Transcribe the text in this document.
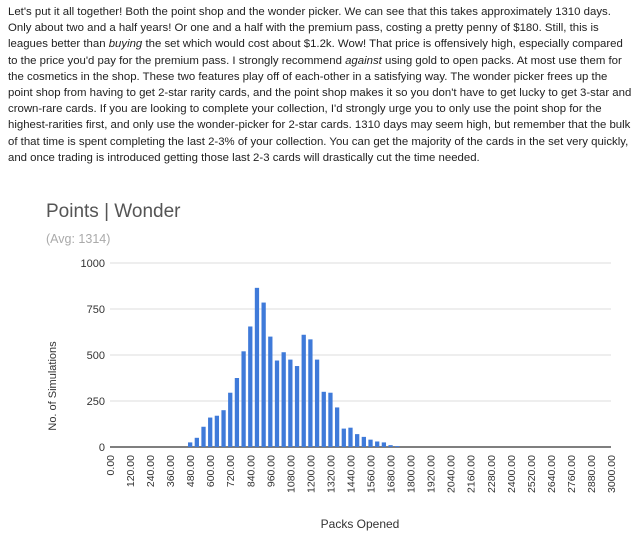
Let's put it all together! Both the point shop and the wonder picker. We can see that this takes approximately 1310 days. Only about two and a half years! Or one and a half with the premium pass, costing a pretty penny of $180. Still, this is leagues better than buying the set which would cost about $1.2k. Wow! That price is offensively high, especially compared to the price you'd pay for the premium pass. I strongly recommend against using gold to open packs. At most use them for the cosmetics in the shop. These two features play off of each-other in a satisfying way. The wonder picker frees up the point shop from having to get 2-star rarity cards, and the point shop makes it so you don't have to get lucky to get 3-star and crown-rare cards. If you are looking to complete your collection, I'd strongly urge you to only use the point shop for the highest-rarities first, and only use the wonder-picker for 2-star cards. 1310 days may seem high, but remember that the bulk of that time is spent completing the last 2-3% of your collection. You can get the majority of the cards in the set very quickly, and once trading is introduced getting those last 2-3 cards will drastically cut the time needed.

Points | Wonder
(Avg: 1314)
No. of Simulations
Packs Opened
0
250
500
750
1000
0.00 120.00 240.00 360.00 480.00 600.00 720.00 840.00 960.00 1080.00 1200.00 1320.00 1440.00 1560.00 1680.00 1800.00 1920.00 2040.00 2160.00 2280.00 2400.00 2520.00 2640.00 2760.00 2880.00 3000.00
